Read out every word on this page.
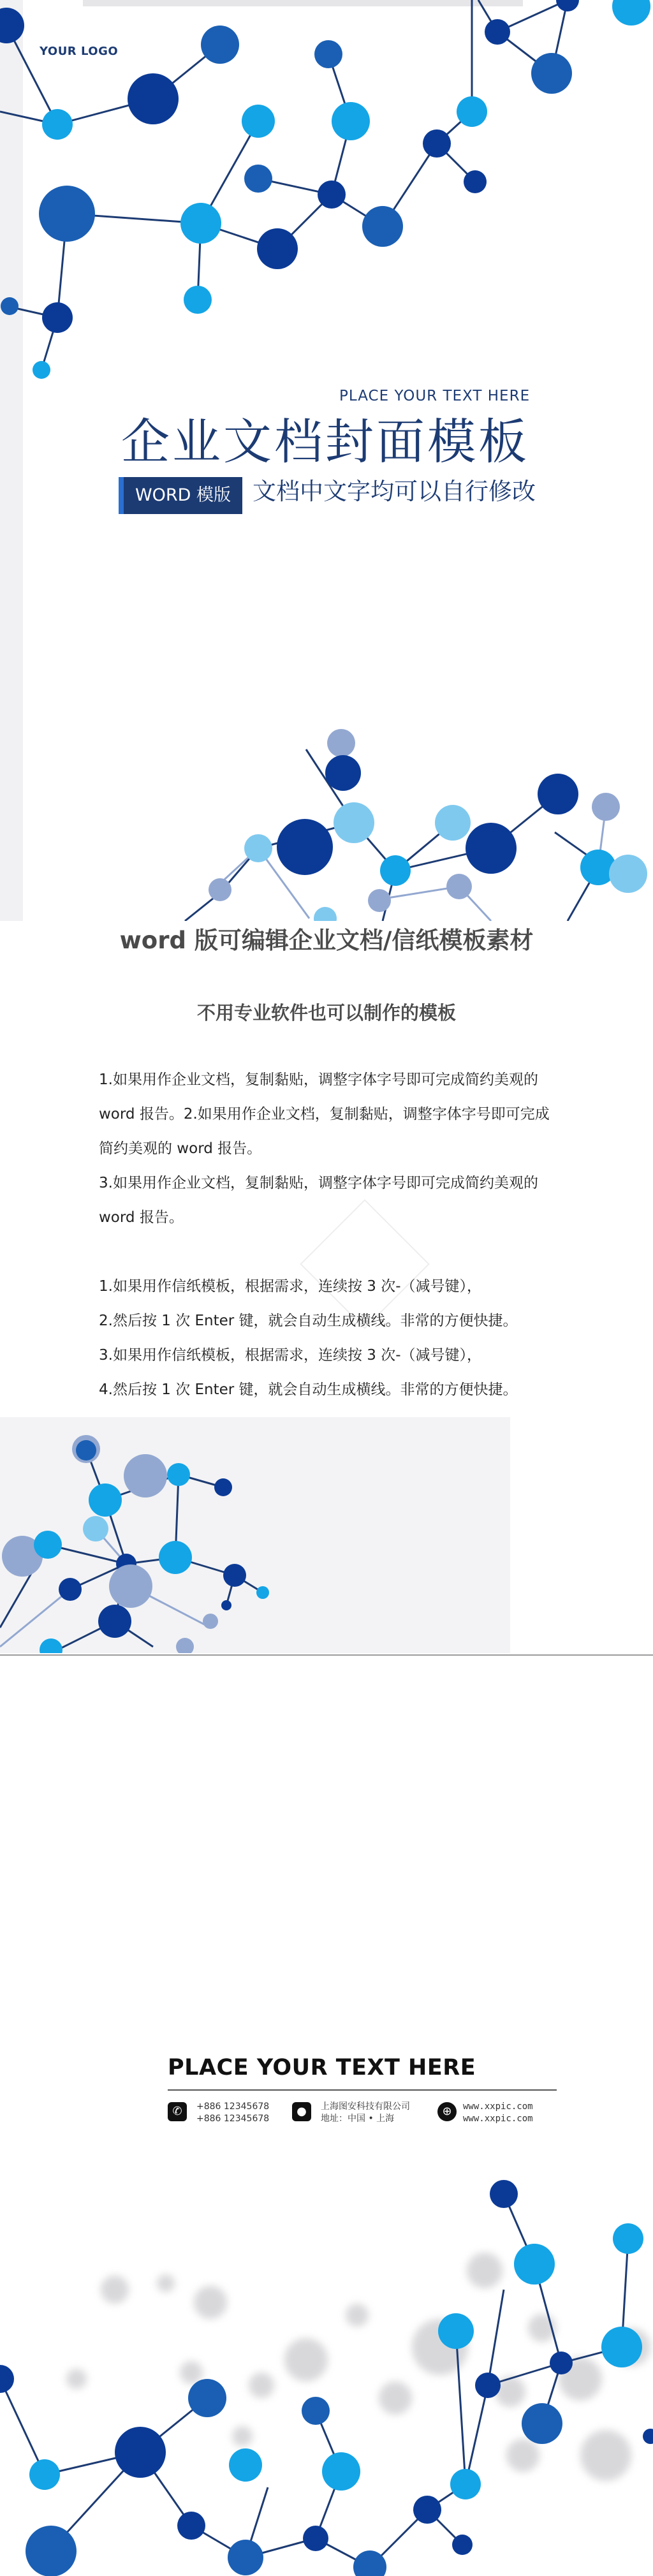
YOUR LOGO
PLACE YOUR TEXT HERE
企业文档封面模板
WORD 模版 文档中文字均可以自行修改
word 版可编辑企业文档/信纸模板素材
不用专业软件也可以制作的模板
1.如果用作企业文档，复制黏贴，调整字体字号即可完成简约美观的word 报告。2.如果用作企业文档，复制黏贴，调整字体字号即可完成简约美观的 word 报告。
3.如果用作企业文档，复制黏贴，调整字体字号即可完成简约美观的word 报告。
1.如果用作信纸模板，根据需求，连续按 3 次-（减号键），
2.然后按 1 次 Enter 键，就会自动生成横线。非常的方便快捷。
3.如果用作信纸模板，根据需求，连续按 3 次-（减号键），
4.然后按 1 次 Enter 键，就会自动生成横线。非常的方便快捷。
PLACE YOUR TEXT HERE
✆	+886 12345678
+886 12345678
●	上海图安科技有限公司
地址：中国 • 上海
⊕	www.xxpic.com
www.xxpic.com
